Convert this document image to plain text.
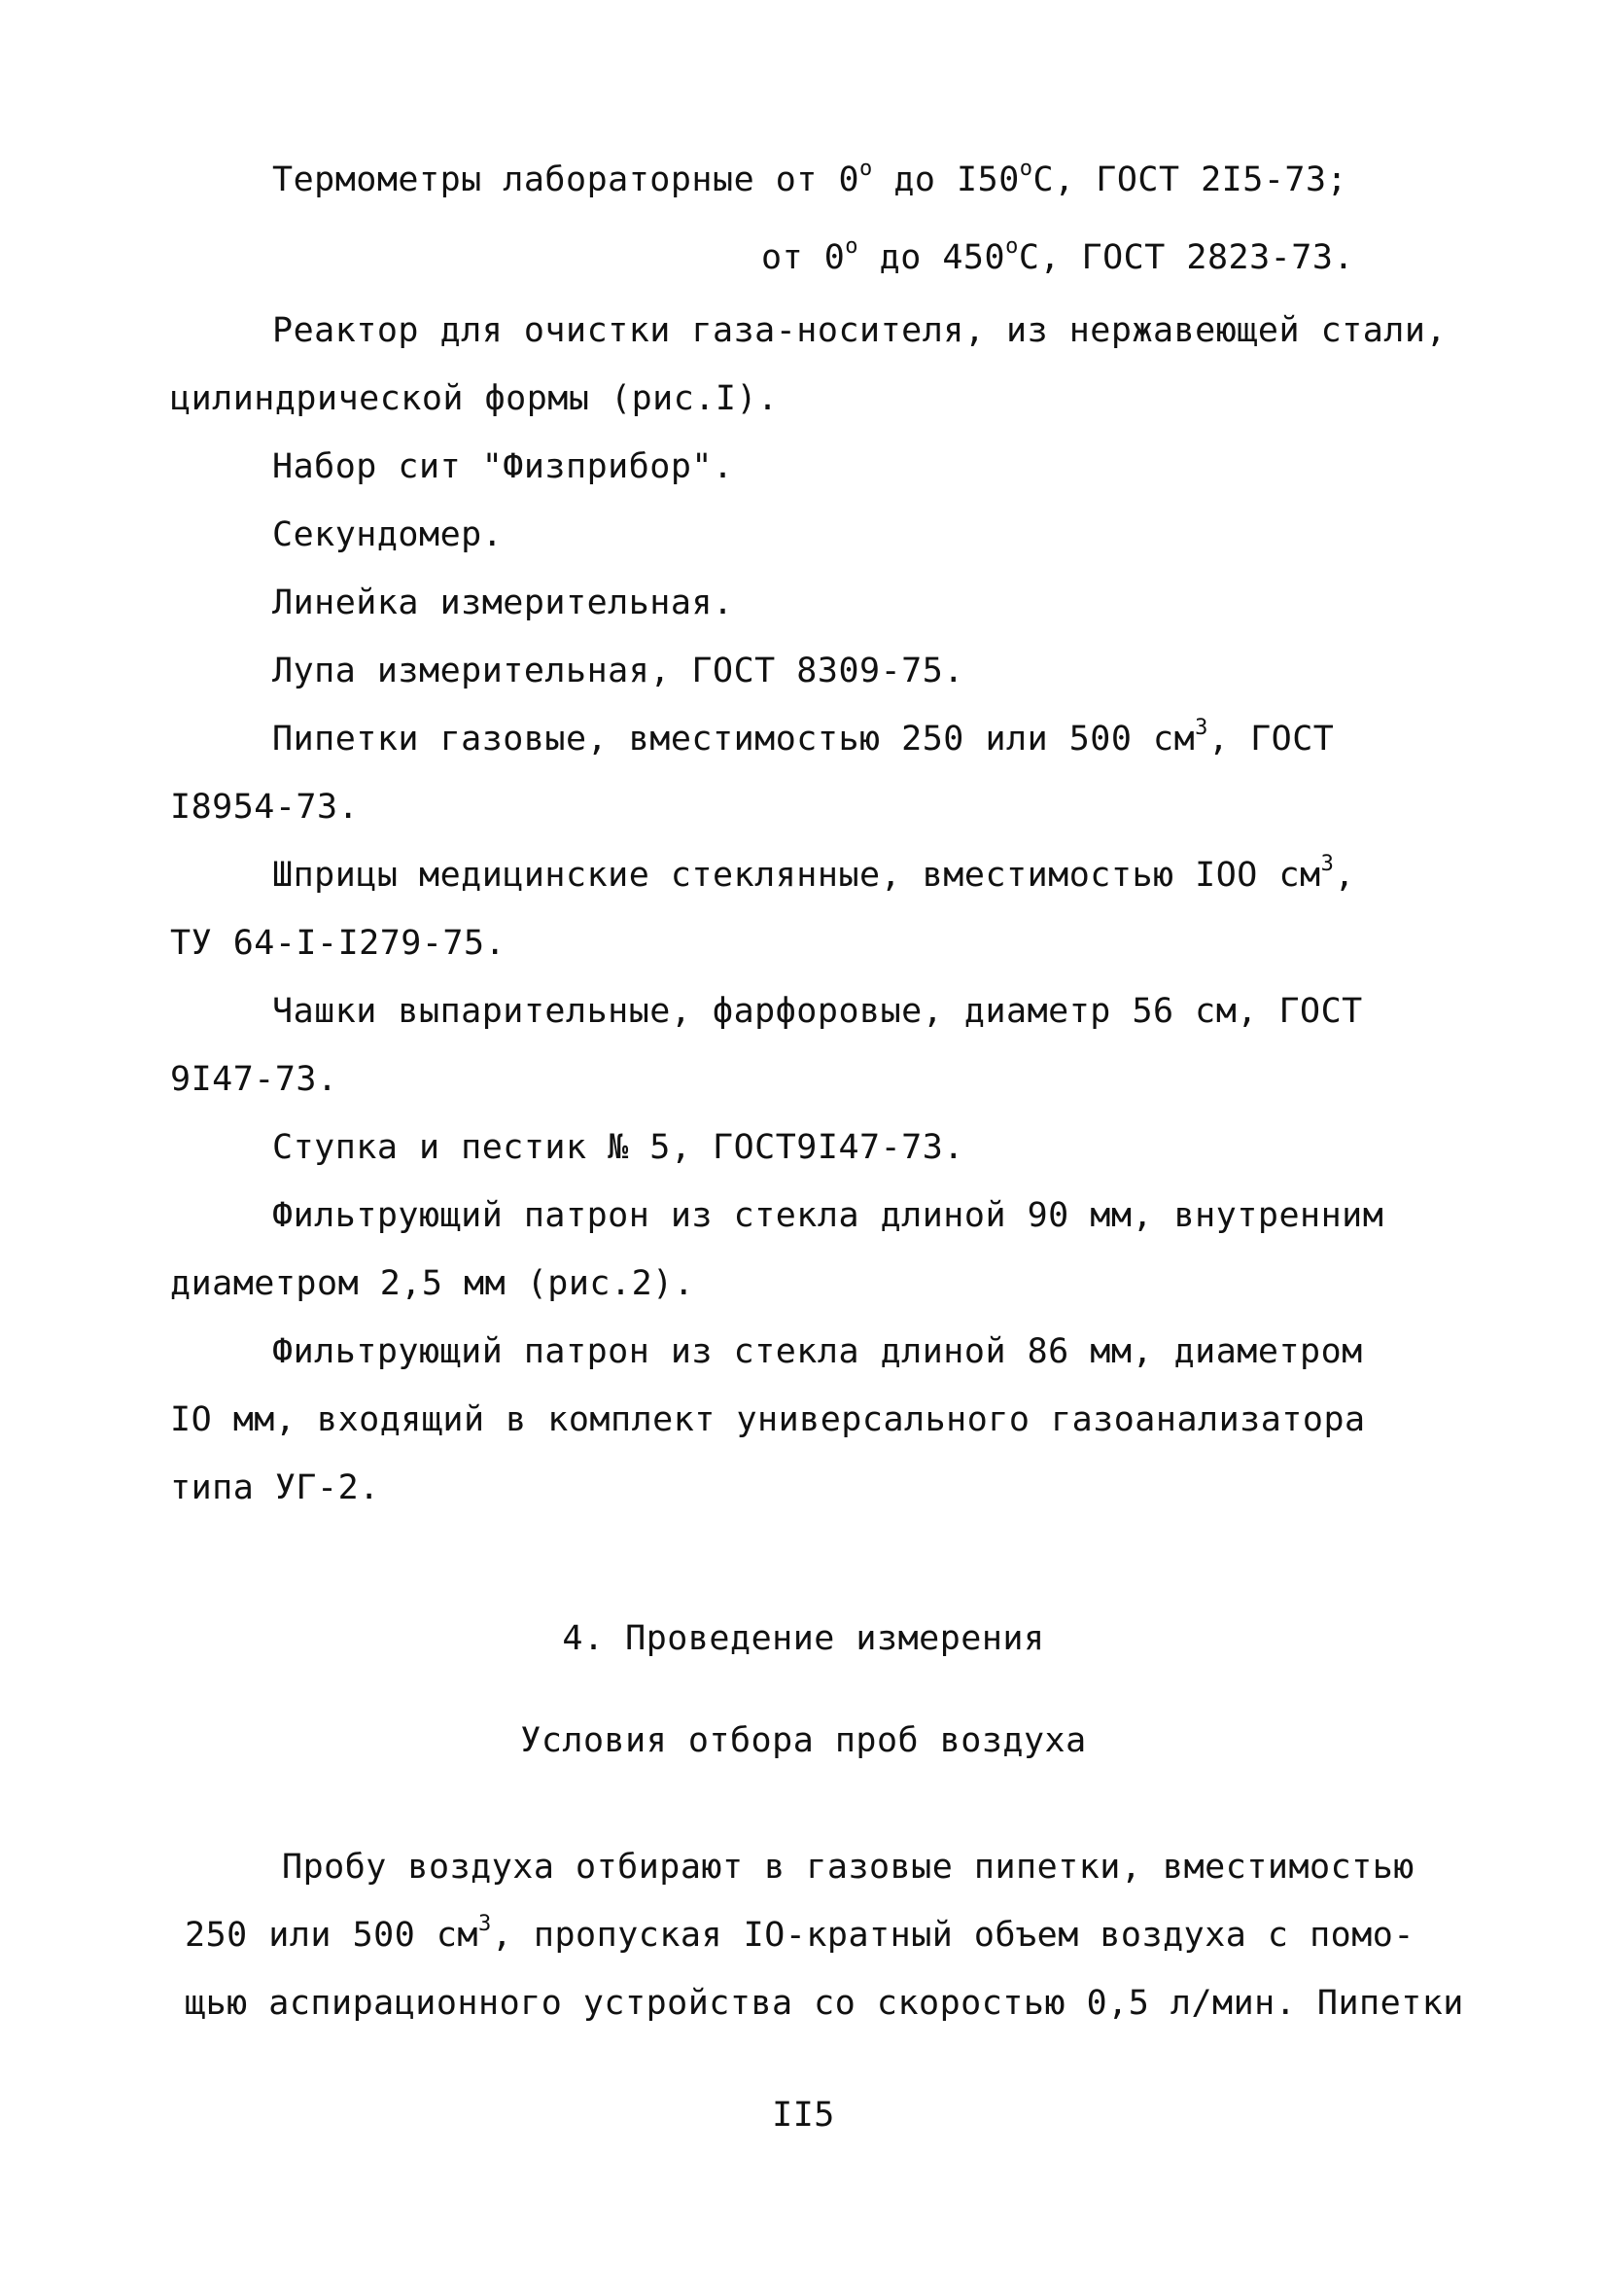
Термометры лабораторные от $0^о$ до $I50^оС$, ГОСТ 2I5-73;
от $0^о$ до $450^оС$, ГОСТ 2823-73.
Реактор для очистки газа-носителя, из нержавеющей стали,
цилиндрической формы (рис.I).
Набор сит "Физприбор".
Секундомер.
Линейка измерительная.
Лупа измерительная, ГОСТ 8309-75.
Пипетки газовые, вместимостью 250 или 500 $см^3$, ГОСТ
I8954-73.
Шприцы медицинские стеклянные, вместимостью IОО $см^3$,
ТУ 64-I-I279-75.
Чашки выпарительные, фарфоровые, диаметр 56 см, ГОСТ
9I47-73.
Ступка и пестик № 5, ГОСТ9I47-73.
Фильтрующий патрон из стекла длиной 90 мм, внутренним
диаметром 2,5 мм (рис.2).
Фильтрующий патрон из стекла длиной 86 мм, диаметром
IО мм, входящий в комплект универсального газоанализатора
типа УГ-2.
4. Проведение измерения
Условия отбора проб воздуха
Пробу воздуха отбирают в газовые пипетки, вместимостью
250 или 500 $см^3$, пропуская IО-кратный объем воздуха с помо-
щью аспирационного устройства со скоростью 0,5 л/мин. Пипетки
II5
